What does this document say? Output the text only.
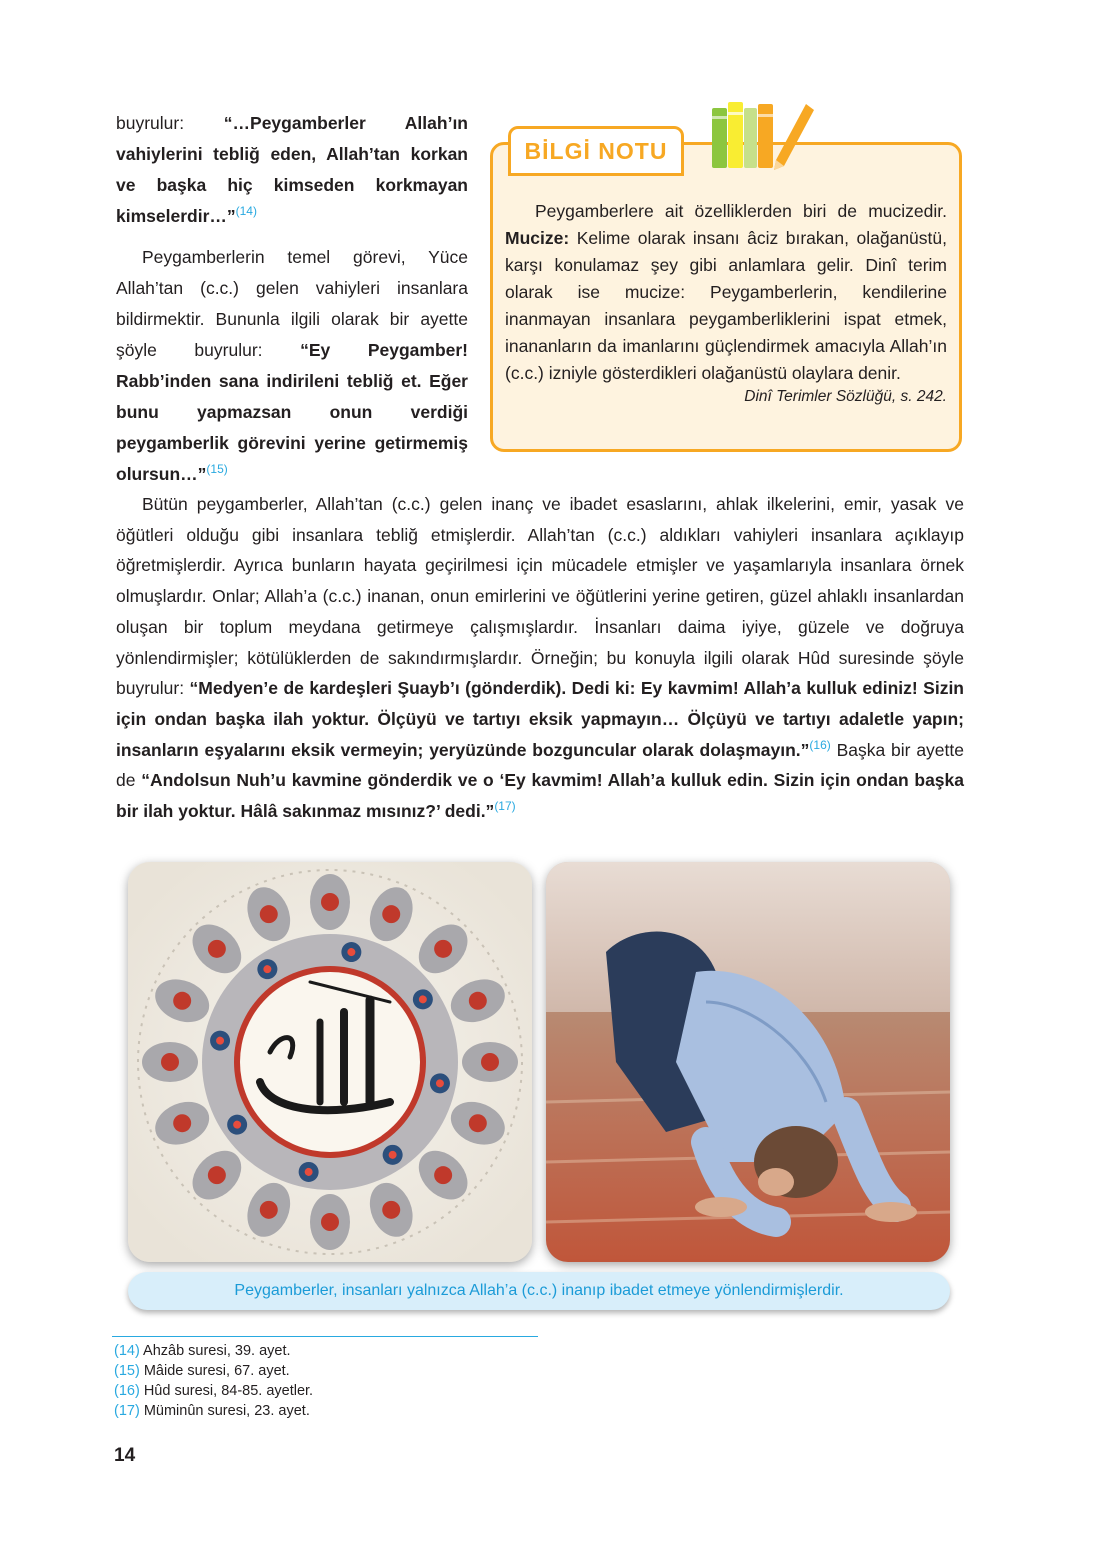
buyrulur: “…Peygamberler Allah’ın vahiylerini tebliğ eden, Allah’tan korkan ve başka hiç kimseden korkmayan kimselerdir…”$^{(14)}$

Peygamberlerin temel görevi, Yüce Allah’tan (c.c.) gelen vahiyleri insanlara bildirmektir. Bununla ilgili olarak bir ayette şöyle buyrulur: “Ey Peygamber! Rabb’inden sana indirileni tebliğ et. Eğer bunu yapmazsan onun verdiği peygamberlik görevini yerine getirmemiş olursun…”$^{(15)}$

BİLGİ NOTU

Peygamberlere ait özelliklerden biri de mucizedir. Mucize: Kelime olarak insanı âciz bırakan, olağanüstü, karşı konulamaz şey gibi anlamlara gelir. Dinî terim olarak ise mucize: Peygamberlerin, kendilerine inanmayan insanlara peygamberliklerini ispat etmek, inananların da imanlarını güçlendirmek amacıyla Allah’ın (c.c.) izniyle gösterdikleri olağanüstü olaylara denir.

Dinî Terimler Sözlüğü, s. 242.

Bütün peygamberler, Allah’tan (c.c.) gelen inanç ve ibadet esaslarını, ahlak ilkelerini, emir, yasak ve öğütleri olduğu gibi insanlara tebliğ etmişlerdir. Allah’tan (c.c.) aldıkları vahiyleri insanlara açıklayıp öğretmişlerdir. Ayrıca bunların hayata geçirilmesi için mücadele etmişler ve yaşamlarıyla insanlara örnek olmuşlardır. Onlar; Allah’a (c.c.) inanan, onun emirlerini ve öğütlerini yerine getiren, güzel ahlaklı insanlardan oluşan bir toplum meydana getirmeye çalışmışlardır. İnsanları daima iyiye, güzele ve doğruya yönlendirmişler; kötülüklerden de sakındırmışlardır. Örneğin; bu konuyla ilgili olarak Hûd suresinde şöyle buyrulur: “Medyen’e de kardeşleri Şuayb’ı (gönderdik). Dedi ki: Ey kavmim! Allah’a kulluk ediniz! Sizin için ondan başka ilah yoktur. Ölçüyü ve tartıyı eksik yapmayın… Ölçüyü ve tartıyı adaletle yapın; insanların eşyalarını eksik vermeyin; yeryüzünde bozguncular olarak dolaşmayın.”$^{(16)}$ Başka bir ayette de “Andolsun Nuh’u kavmine gönderdik ve o ‘Ey kavmim! Allah’a kulluk edin. Sizin için ondan başka bir ilah yoktur. Hâlâ sakınmaz mısınız?’ dedi.”$^{(17)}$

Peygamberler, insanları yalnızca Allah’a (c.c.) inanıp ibadet etmeye yönlendirmişlerdir.
(14) Ahzâb suresi, 39. ayet.
(15) Mâide suresi, 67. ayet.
(16) Hûd suresi, 84-85. ayetler.
(17) Müminûn suresi, 23. ayet.
14
